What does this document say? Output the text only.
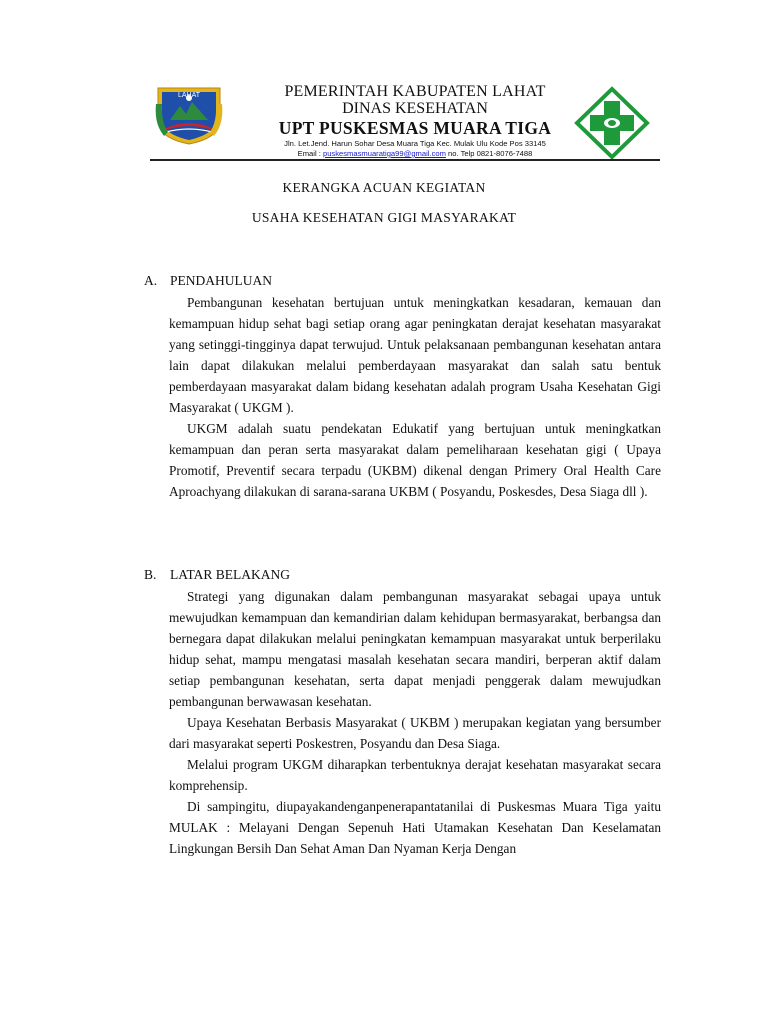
LAHAT	PEMERINTAH KABUPATEN LAHAT
DINAS KESEHATAN
UPT PUSKESMAS MUARA TIGA
Jln. Let.Jend. Harun Sohar Desa Muara Tiga Kec. Mulak Ulu Kode Pos 33145
Email : puskesmasmuaratiga99@gmail.com no. Telp 0821-8076-7488
KERANGKA ACUAN KEGIATAN
USAHA KESEHATAN GIGI MASYARAKAT
A. PENDAHULUAN

Pembangunan kesehatan bertujuan untuk meningkatkan kesadaran, kemauan dan kemampuan hidup sehat bagi setiap orang agar peningkatan derajat kesehatan masyarakat yang setinggi-tingginya dapat terwujud. Untuk pelaksanaan pembangunan kesehatan antara lain dapat dilakukan melalui pemberdayaan masyarakat dan salah satu bentuk pemberdayaan masyarakat dalam bidang kesehatan adalah program Usaha Kesehatan Gigi Masyarakat ( UKGM ).

UKGM adalah suatu pendekatan Edukatif yang bertujuan untuk meningkatkan kemampuan dan peran serta masyarakat dalam pemeliharaan kesehatan gigi ( Upaya Promotif, Preventif secara terpadu (UKBM) dikenal dengan Primery Oral Health Care Aproachyang dilakukan di sarana-sarana UKBM ( Posyandu, Poskesdes, Desa Siaga dll ).

B. LATAR BELAKANG

Strategi yang digunakan dalam pembangunan masyarakat sebagai upaya untuk mewujudkan kemampuan dan kemandirian dalam kehidupan bermasyarakat, berbangsa dan bernegara dapat dilakukan melalui peningkatan kemampuan masyarakat untuk berperilaku hidup sehat, mampu mengatasi masalah kesehatan secara mandiri, berperan aktif dalam setiap pembangunan kesehatan, serta dapat menjadi penggerak dalam mewujudkan pembangunan berwawasan kesehatan.

Upaya Kesehatan Berbasis Masyarakat ( UKBM ) merupakan kegiatan yang bersumber dari masyarakat seperti Poskestren, Posyandu dan Desa Siaga.

Melalui program UKGM diharapkan terbentuknya derajat kesehatan masyarakat secara komprehensip.

Di sampingitu, diupayakandenganpenerapantatanilai di Puskesmas Muara Tiga yaitu MULAK : Melayani Dengan Sepenuh Hati Utamakan Kesehatan Dan Keselamatan Lingkungan Bersih Dan Sehat Aman Dan Nyaman Kerja Dengan
